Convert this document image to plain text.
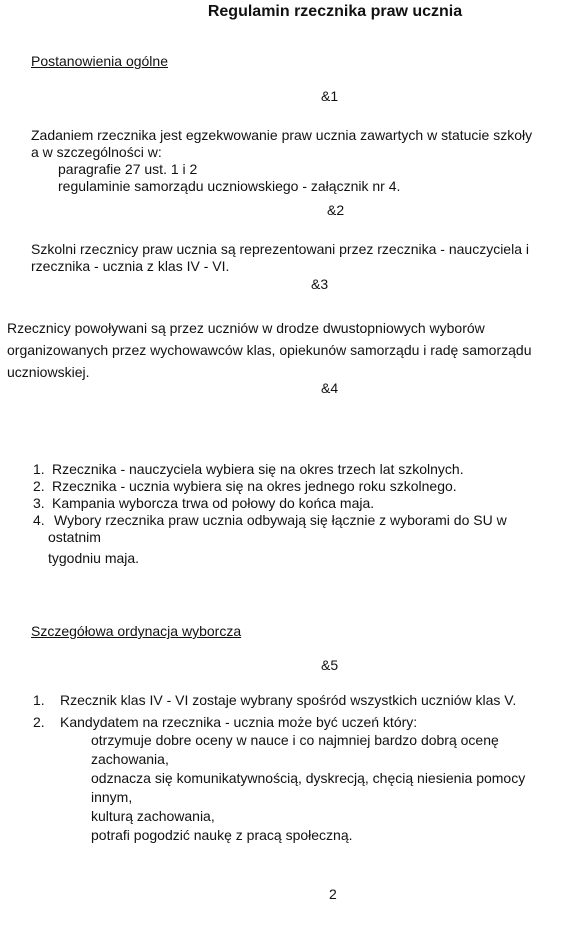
Regulamin rzecznika praw ucznia
Postanowienia ogólne
&1
Zadaniem rzecznika jest egzekwowanie praw ucznia zawartych w statucie szkoły
a w szczególności w:
paragrafie 27 ust. 1 i 2
regulaminie samorządu uczniowskiego - załącznik nr 4.
&2
Szkolni rzecznicy praw ucznia są reprezentowani przez rzecznika - nauczyciela i
rzecznika - ucznia z klas IV - VI.
&3
Rzecznicy powoływani są przez uczniów w drodze dwustopniowych wyborów
organizowanych przez wychowawców klas, opiekunów samorządu i radę samorządu
uczniowskiej.
&4
1. Rzecznika - nauczyciela wybiera się na okres trzech lat szkolnych.
2. Rzecznika - ucznia wybiera się na okres jednego roku szkolnego.
3. Kampania wyborcza trwa od połowy do końca maja.
4. Wybory rzecznika praw ucznia odbywają się łącznie z wyborami do SU w
ostatnim
tygodniu maja.
Szczegółowa ordynacja wyborcza
&5
1.	Rzecznik klas IV - VI zostaje wybrany spośród wszystkich uczniów klas V.
2.	Kandydatem na rzecznika - ucznia może być uczeń który:
otrzymuje dobre oceny w nauce i co najmniej bardzo dobrą ocenę
zachowania,
odznacza się komunikatywnością, dyskrecją, chęcią niesienia pomocy
innym,
kulturą zachowania,
potrafi pogodzić naukę z pracą społeczną.
2
